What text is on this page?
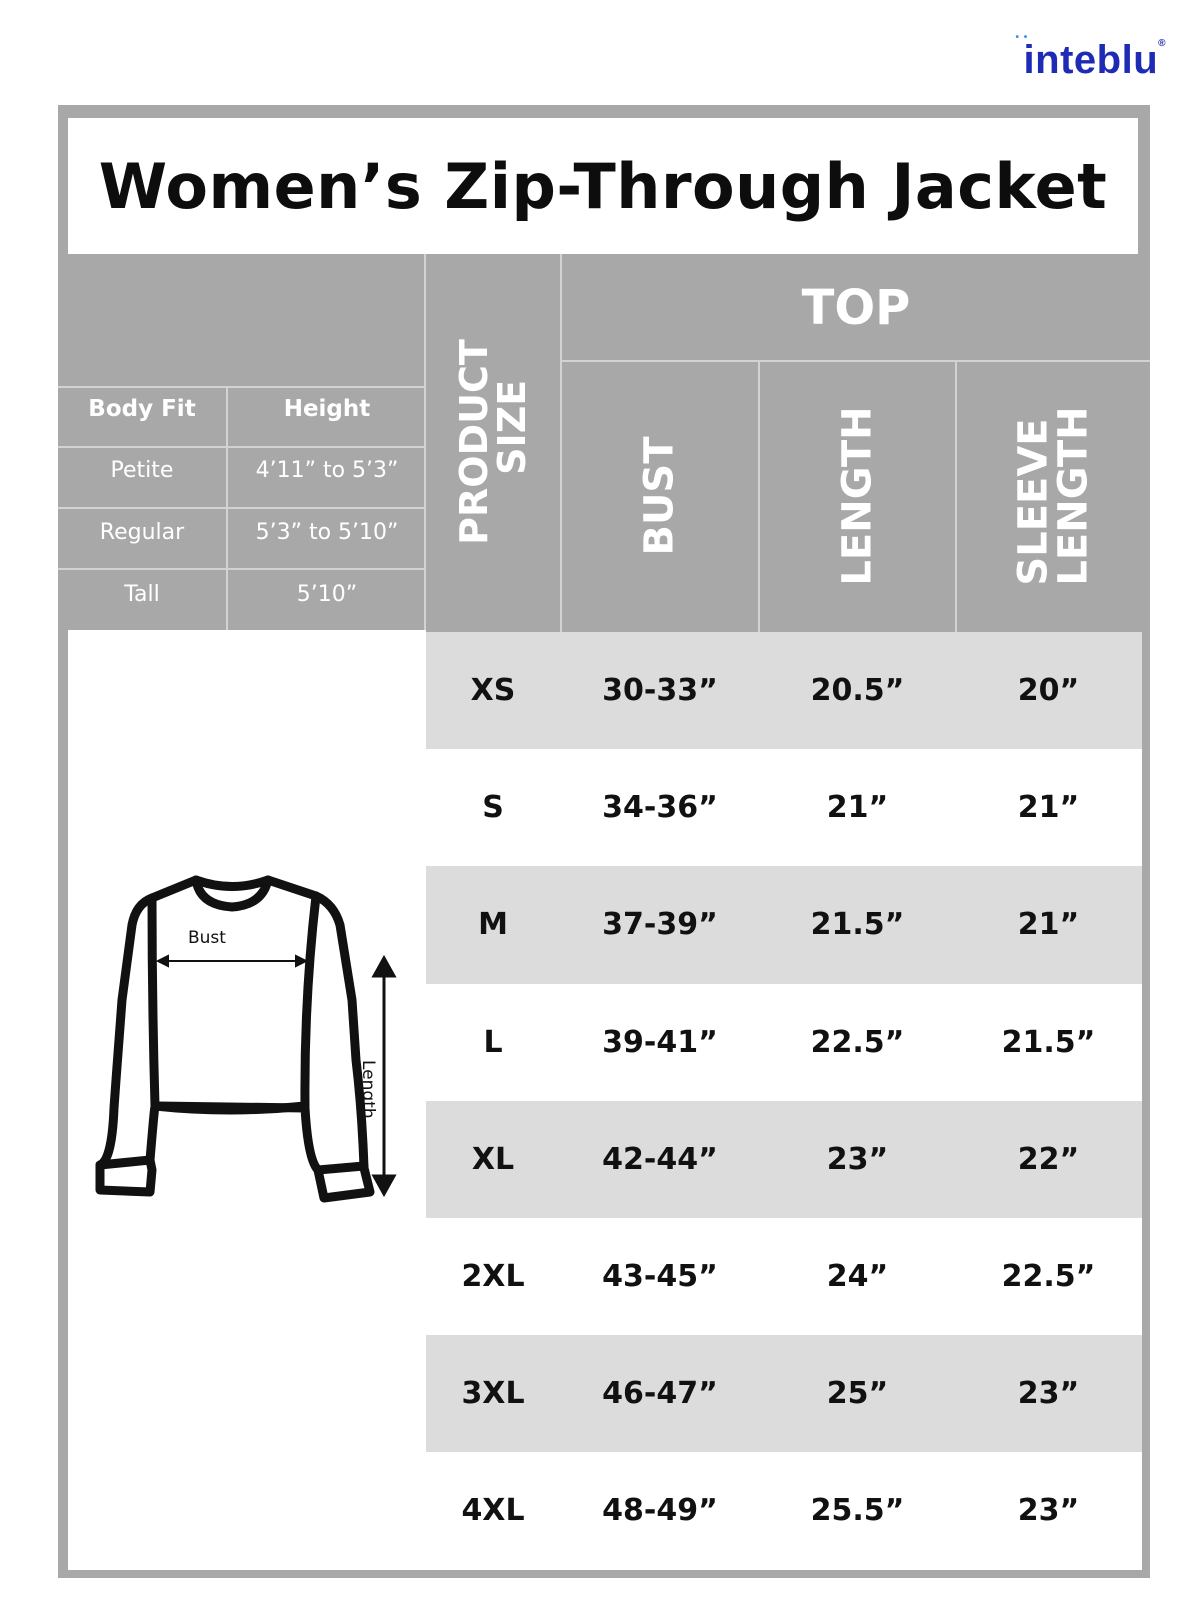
• •
inteblu®
Women’s Zip-Through Jacket
Body Fit	Height
Petite	4’11” to 5’3”
Regular	5’3” to 5’10”
Tall	5’10”
PRODUCT
SIZE
TOP
BUST	LENGTH	SLEEVE
LENGTH
Bust
Length
XS	30-33”	20.5”	20”
S	34-36”	21”	21”
M	37-39”	21.5”	21”
L	39-41”	22.5”	21.5”
XL	42-44”	23”	22”
2XL	43-45”	24”	22.5”
3XL	46-47”	25”	23”
4XL	48-49”	25.5”	23”
